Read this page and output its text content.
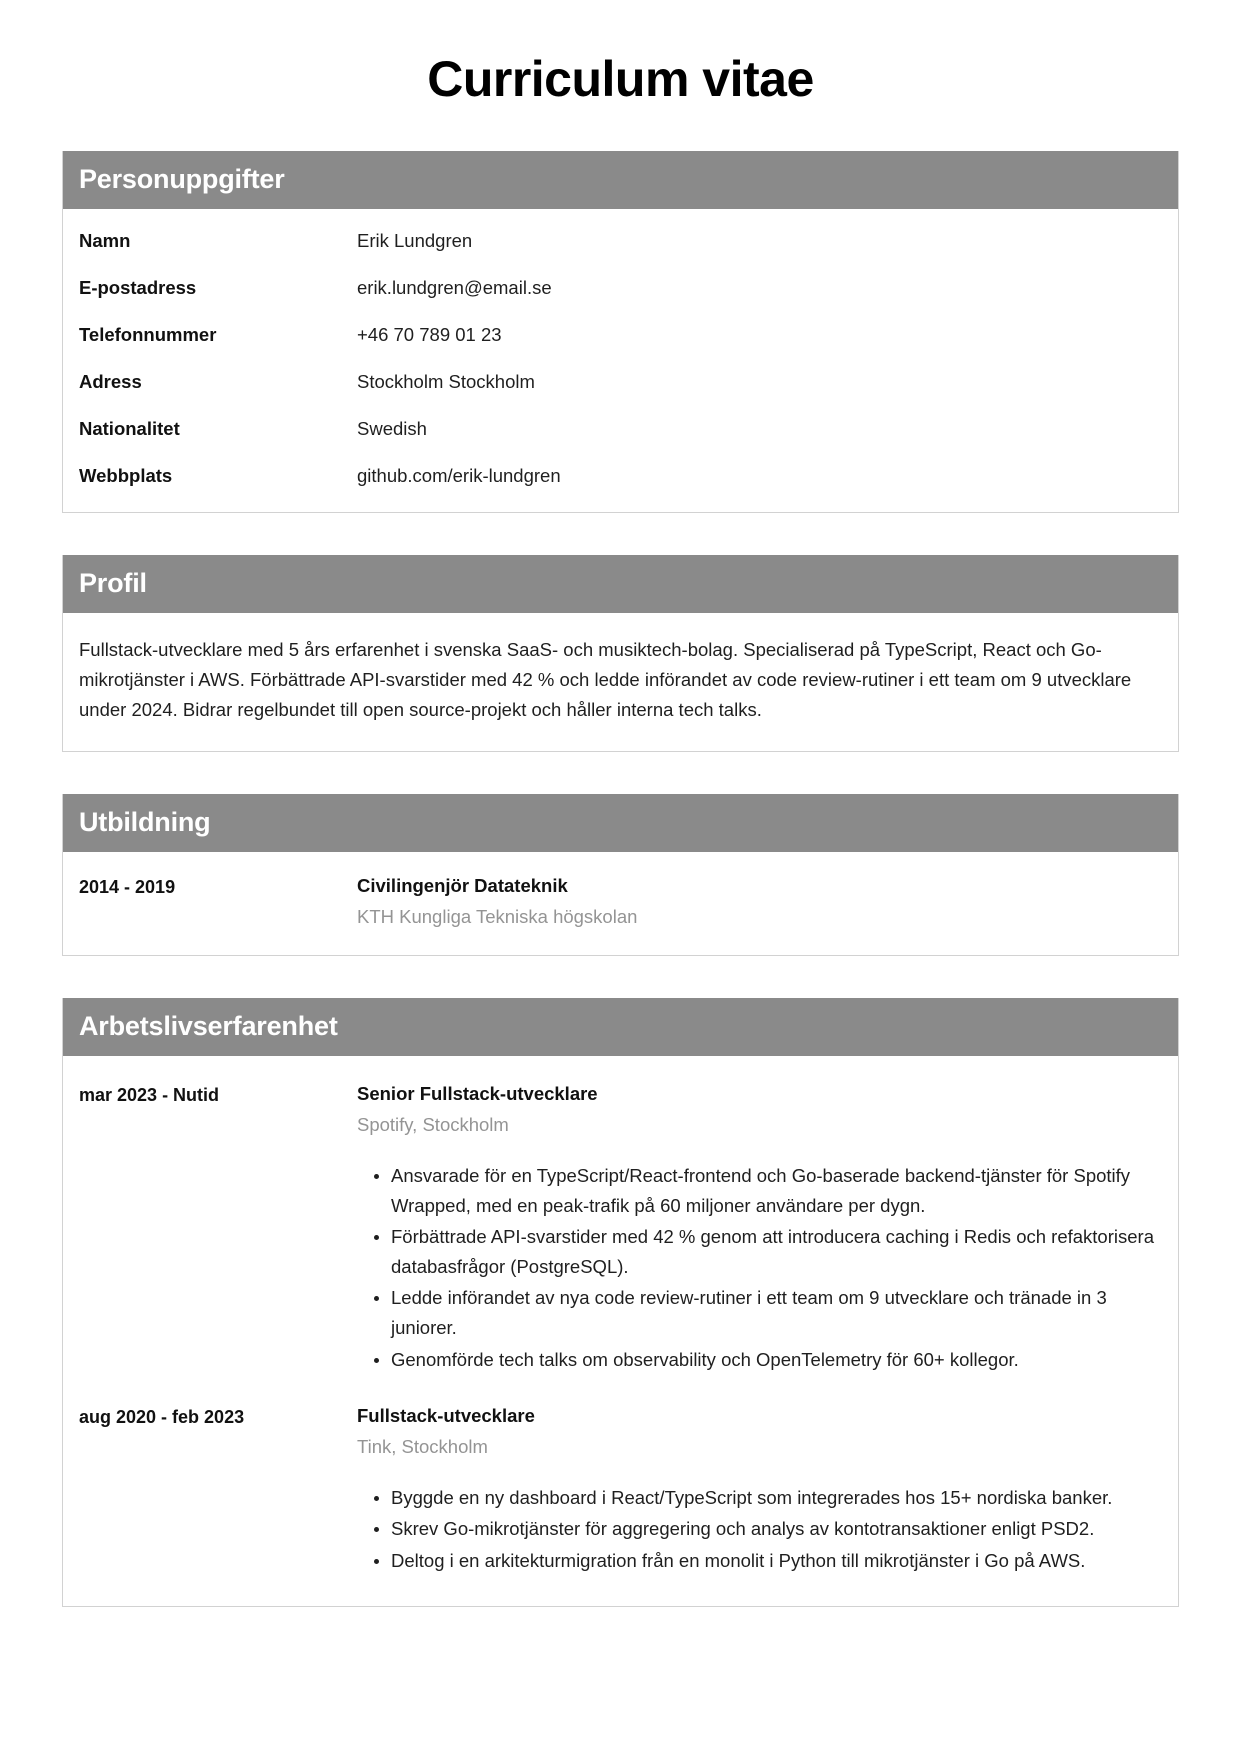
Curriculum vitae
Personuppgifter
Namn	Erik Lundgren
E-postadress	erik.lundgren@email.se
Telefonnummer	+46 70 789 01 23
Adress	Stockholm Stockholm
Nationalitet	Swedish
Webbplats	github.com/erik-lundgren
Profil

Fullstack-utvecklare med 5 års erfarenhet i svenska SaaS- och musiktech-bolag. Specialiserad på TypeScript, React och Go-mikrotjänster i AWS. Förbättrade API-svarstider med 42 % och ledde införandet av code review-rutiner i ett team om 9 utvecklare under 2024. Bidrar regelbundet till open source-projekt och håller interna tech talks.

Utbildning
2014 - 2019	Civilingenjör Datateknik
KTH Kungliga Tekniska högskolan
Arbetslivserfarenhet
mar 2023 - Nutid	Senior Fullstack-utvecklare
Spotify, Stockholm
• Ansvarade för en TypeScript/React-frontend och Go-baserade backend-tjänster för Spotify Wrapped, med en peak-trafik på 60 miljoner användare per dygn.
• Förbättrade API-svarstider med 42 % genom att introducera caching i Redis och refaktorisera databasfrågor (PostgreSQL).
• Ledde införandet av nya code review-rutiner i ett team om 9 utvecklare och tränade in 3 juniorer.
• Genomförde tech talks om observability och OpenTelemetry för 60+ kollegor.
aug 2020 - feb 2023	Fullstack-utvecklare
Tink, Stockholm
• Byggde en ny dashboard i React/TypeScript som integrerades hos 15+ nordiska banker.
• Skrev Go-mikrotjänster för aggregering och analys av kontotransaktioner enligt PSD2.
• Deltog i en arkitekturmigration från en monolit i Python till mikrotjänster i Go på AWS.
